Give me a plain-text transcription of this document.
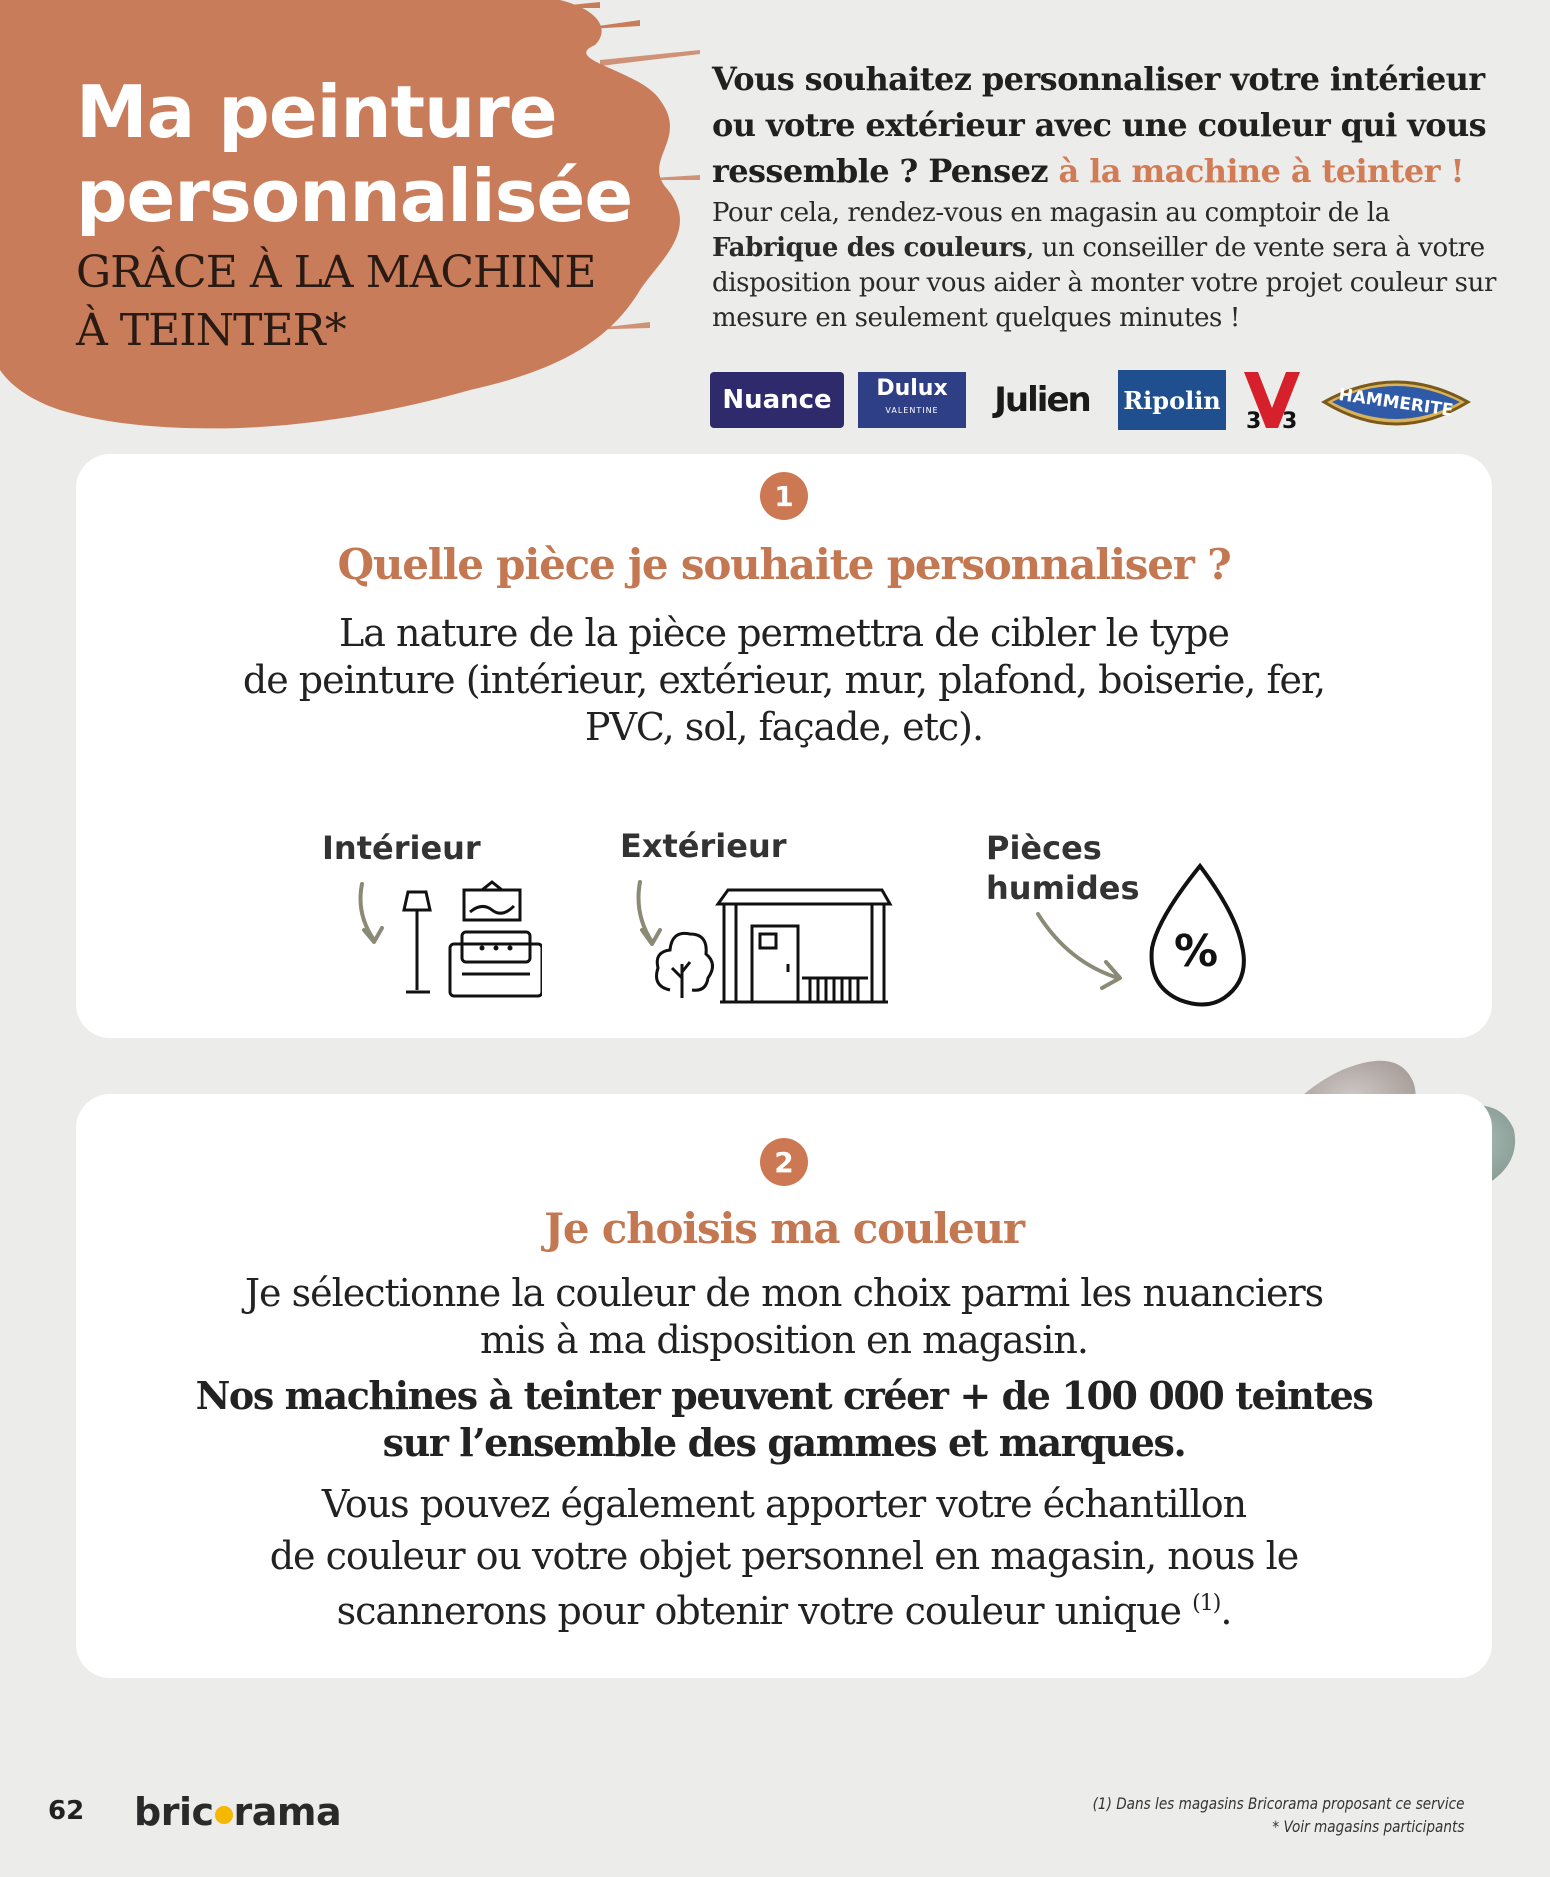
Ma peinture
personnalisée
GRÂCE À LA MACHINE
À TEINTER*

Vous souhaitez personnaliser votre intérieur ou votre extérieur avec une couleur qui vous ressemble ? Pensez à la machine à teinter !

Pour cela, rendez-vous en magasin au comptoir de la Fabrique des couleurs, un conseiller de vente sera à votre disposition pour vous aider à monter votre projet couleur sur mesure en seulement quelques minutes !

Nuance Dulux
VALENTINE Julien Ripolin
3 3
HAMMERITE
1
Quelle pièce je souhaite personnaliser ?
La nature de la pièce permettra de cibler le type
de peinture (intérieur, extérieur, mur, plafond, boiserie, fer,
PVC, sol, façade, etc).
Intérieur	Extérieur	Pièces
humides
%
2
Je choisis ma couleur
Je sélectionne la couleur de mon choix parmi les nuanciers
mis à ma disposition en magasin.
Nos machines à teinter peuvent créer + de 100 000 teintes
sur l’ensemble des gammes et marques.
Vous pouvez également apporter votre échantillon
de couleur ou votre objet personnel en magasin, nous le
scannerons pour obtenir votre couleur unique $^{(1)}$.
62 bric rama	(1) Dans les magasins Bricorama proposant ce service
* Voir magasins participants
